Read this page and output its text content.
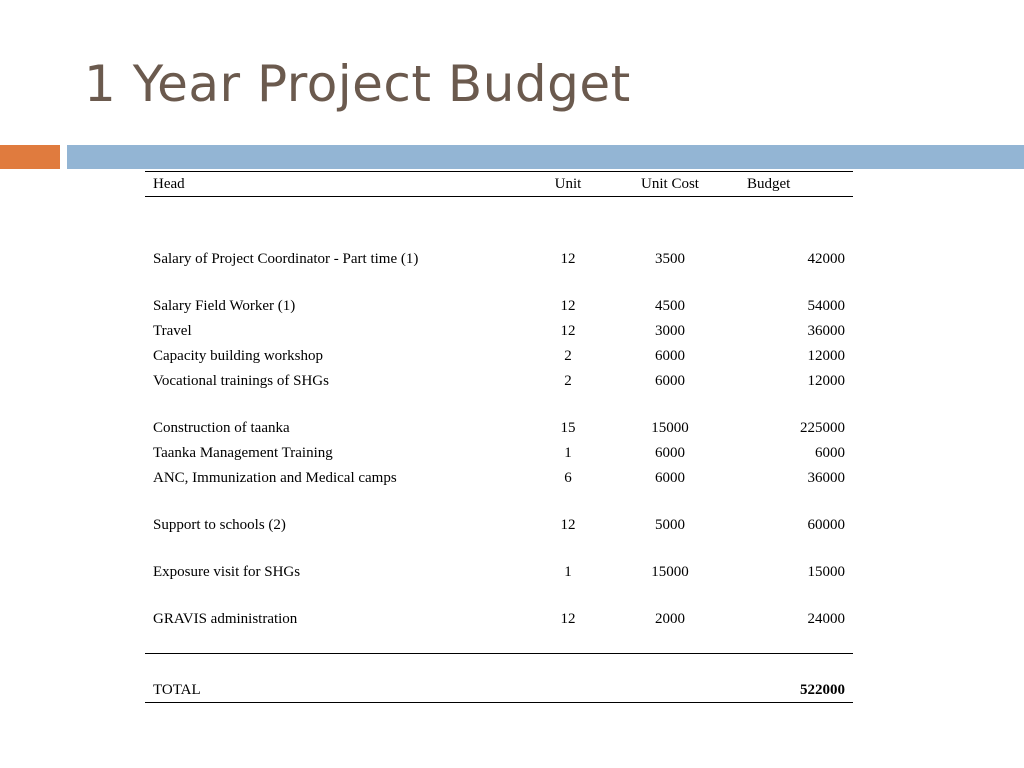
1 Year Project Budget
Head	Unit	Unit Cost	Budget

Salary of Project Coordinator - Part time (1)	12	3500	42000

Salary Field Worker (1)	12	4500	54000
Travel	12	3000	36000
Capacity building workshop	2	6000	12000
Vocational trainings of SHGs	2	6000	12000

Construction of taanka	15	15000	225000
Taanka Management Training	1	6000	6000
ANC, Immunization and Medical camps	6	6000	36000

Support to schools (2)	12	5000	60000

Exposure visit for SHGs	1	15000	15000

GRAVIS administration	12	2000	24000

TOTAL			522000
